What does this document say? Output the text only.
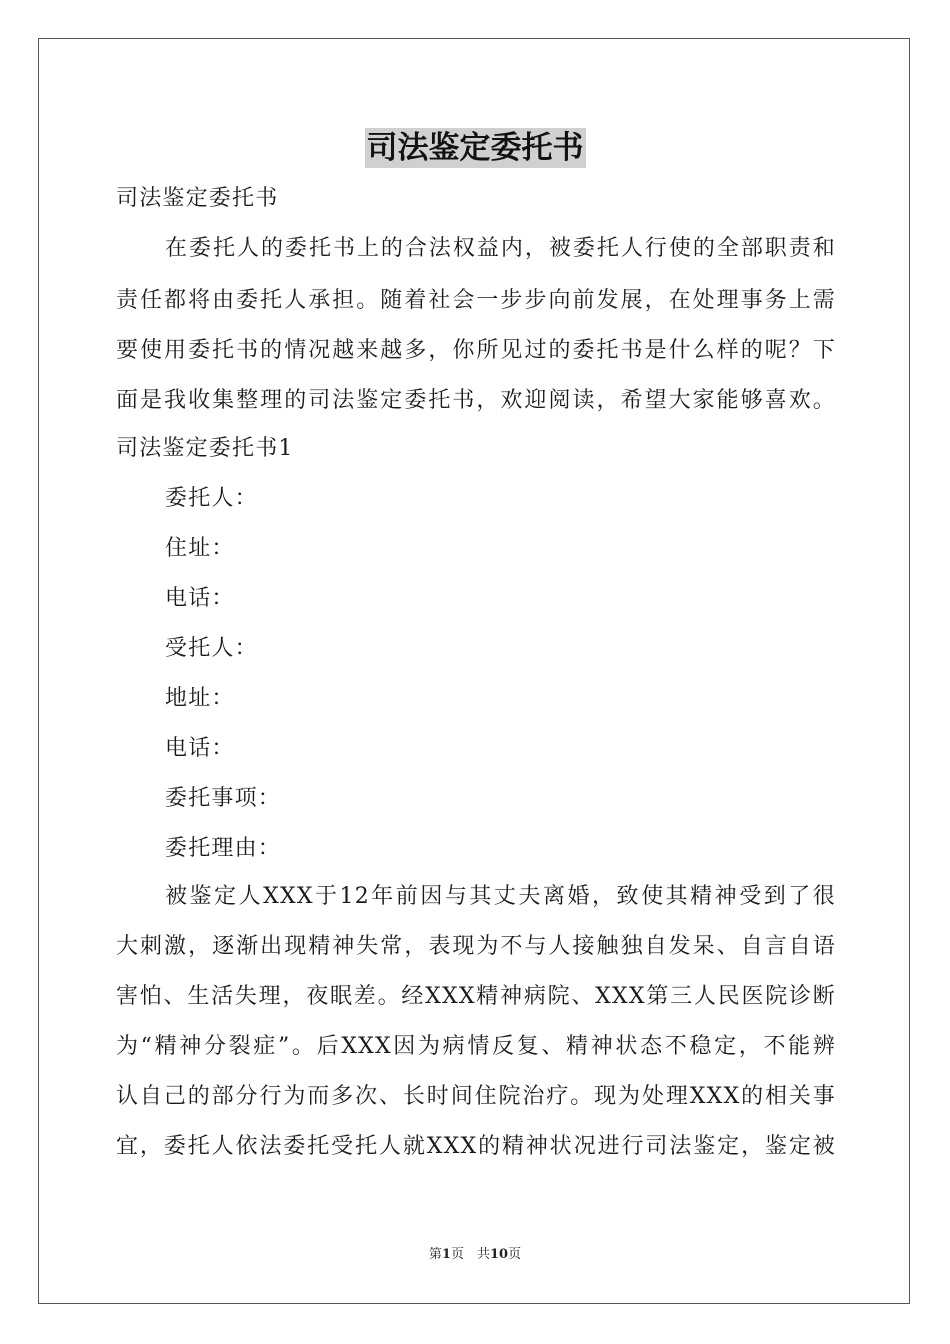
司法鉴定委托书
司法鉴定委托书
在委托人的委托书上的合法权益内，被委托人行使的全部职责和
责任都将由委托人承担。随着社会一步步向前发展，在处理事务上需
要使用委托书的情况越来越多，你所见过的委托书是什么样的呢？下
面是我收集整理的司法鉴定委托书，欢迎阅读，希望大家能够喜欢。
司法鉴定委托书1
委托人：
住址：
电话：
受托人：
地址：
电话：
委托事项：
委托理由：
被鉴定人XXX于12年前因与其丈夫离婚，致使其精神受到了很
大刺激，逐渐出现精神失常，表现为不与人接触独自发呆、自言自语
害怕、生活失理，夜眠差。经XXX精神病院、XXX第三人民医院诊断
为“精神分裂症”。后XXX因为病情反复、精神状态不稳定，不能辨
认自己的部分行为而多次、长时间住院治疗。现为处理XXX的相关事
宜，委托人依法委托受托人就XXX的精神状况进行司法鉴定，鉴定被
第1页　共10页
